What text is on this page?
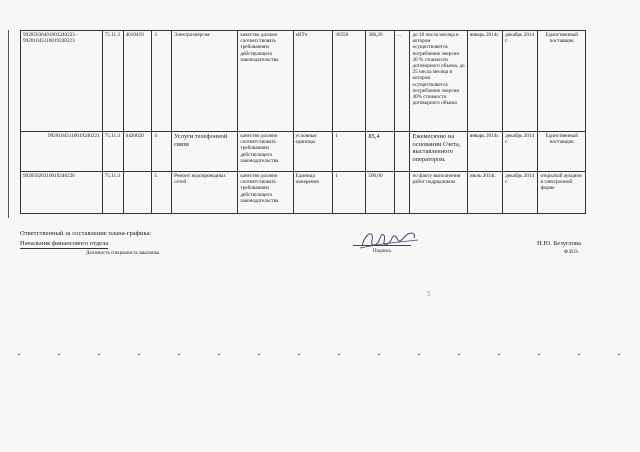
99205036401003240223 - 99201045110019240223	75.11.3	4010419	3	Электроэнергия	качество должно соответствовать требованиям действующего законодательства	кВТч	36550	306,20	...	до 10 числа месяца в котором осуществляется потребление энергии 30 % стоимости договорного объема, до 25 числа месяца в котором осуществляется потребление энергии 40% стоимости договорного объема	январь 2014г.	декабрь 2014 г.	Единственный поставщик
99201045110019240221	75.11.3	6420020	4	Услуги телефонной связи	качество должно соответствовать требованиям действующего законодательства	условные единицы	1	85,4		Ежемесячно на основании Счета, выставленного оператором.	январь 2014г.	декабрь 2014 г.	Единственный поставщик
99205026310019240226	75.11.3		5	Ремонт водопроводных сетей	качество должно соответствовать требованиям действующего законодательства	Единица измерения	1	500,00		по факту выполнения работ подрядчиком	июль 2014г.	декабрь 2014 г.	открытый аукцион в электронной форме
Ответственный за составление плана-графика:
Начальник финансового отдела
Должность специалиста заказчика	Подпись
Н.Ю. Безуглова
Ф.И.О.
5
